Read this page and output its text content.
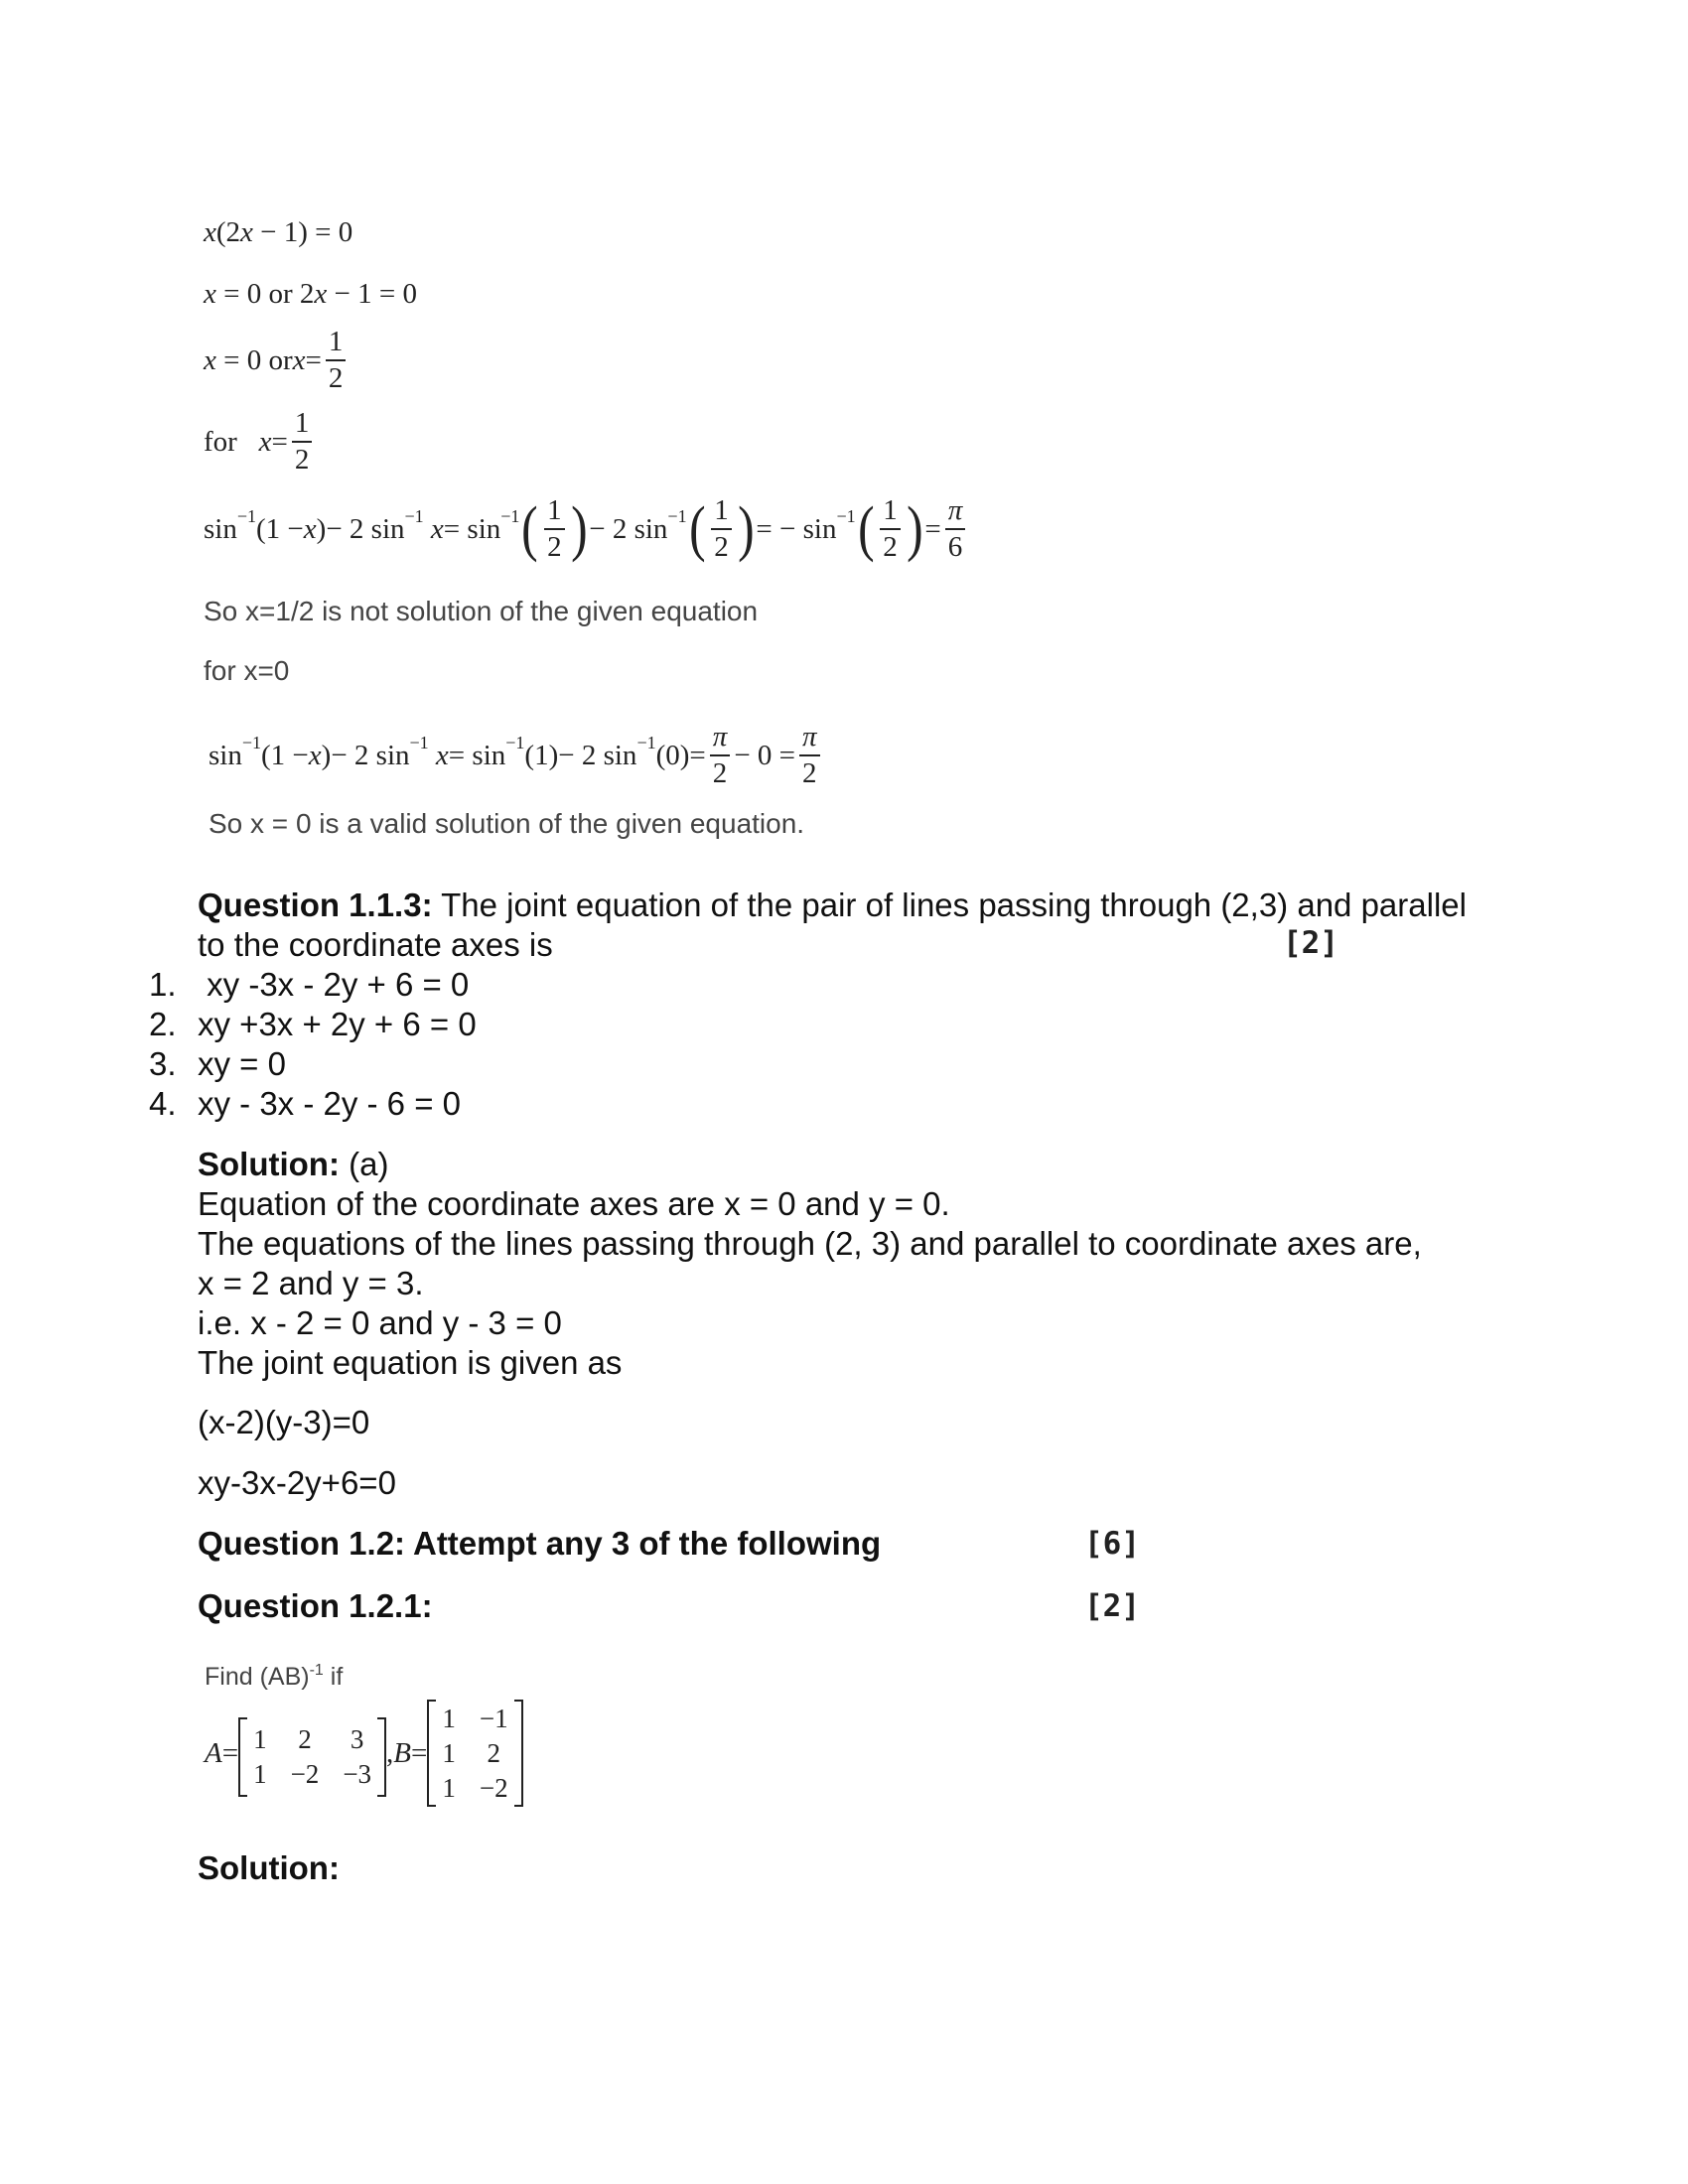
x(2x − 1) = 0
x = 0 or 2x − 1 = 0
x
= 0 or $x = \frac{1}{2}$
for
$x = \frac{1}{2}$
sin −1 (1 − x ) − 2 sin −1
x = sin −1 ( $\frac{1}{2}$ ) − 2 sin −1 ( $\frac{1}{2}$ ) = − sin −1 ( $\frac{1}{2}$ ) = $\frac{\pi}{6}$
So x=1/2 is not solution of the given equation
for x=0
sin −1 (1 − x ) − 2 sin −1
x = sin −1 (1) − 2 sin −1 $(0) = \frac{\pi}{2} - 0 = \frac{\pi}{2}$
So x = 0 is a valid solution of the given equation.
Question 1.1.3: The joint equation of the pair of lines passing through (2,3) and parallel
to the coordinate axes is	[2]
1. xy -3x - 2y + 6 = 0
2. xy +3x + 2y + 6 = 0
3. xy = 0
4. xy - 3x - 2y - 6 = 0
Solution: (a)
Equation of the coordinate axes are x = 0 and y = 0.
The equations of the lines passing through (2, 3) and parallel to coordinate axes are,
x = 2 and y = 3.
i.e. x - 2 = 0 and y - 3 = 0
The joint equation is given as
(x-2)(y-3)=0
xy-3x-2y+6=0
Question 1.2: Attempt any 3 of the following	[6]
Question 1.2.1:	[2]
Find (AB)$^{-1}$ if
A = 1 2 3
1 −2 −3
, B =
1 −1
1 2
1 −2
Solution:
